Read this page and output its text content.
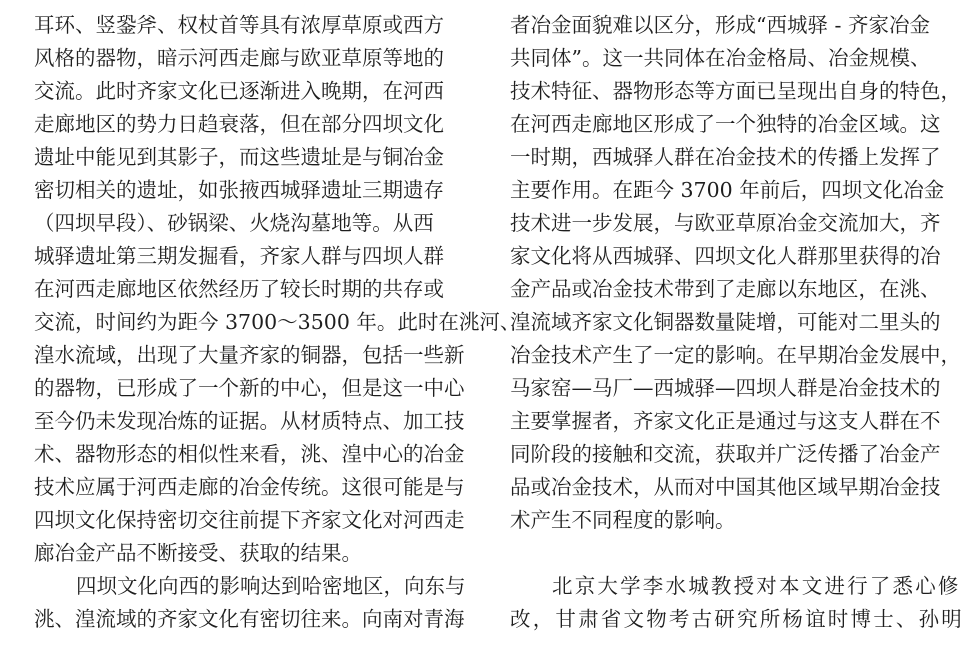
耳环、竖銎斧、权杖首等具有浓厚草原或西方
风格的器物，暗示河西走廊与欧亚草原等地的
交流。此时齐家文化已逐渐进入晚期，在河西
走廊地区的势力日趋衰落，但在部分四坝文化
遗址中能见到其影子，而这些遗址是与铜冶金
密切相关的遗址，如张掖西城驿遗址三期遗存
（四坝早段）、砂锅梁、火烧沟墓地等。从西
城驿遗址第三期发掘看，齐家人群与四坝人群
在河西走廊地区依然经历了较长时期的共存或
交流，时间约为距今 3700～3500 年。此时在洮河、
湟水流域，出现了大量齐家的铜器，包括一些新
的器物，已形成了一个新的中心，但是这一中心
至今仍未发现冶炼的证据。从材质特点、加工技
术、器物形态的相似性来看，洮、湟中心的冶金
技术应属于河西走廊的冶金传统。这很可能是与
四坝文化保持密切交往前提下齐家文化对河西走
廊冶金产品不断接受、获取的结果。
四坝文化向西的影响达到哈密地区，向东与
洮、湟流域的齐家文化有密切往来。向南对青海
者冶金面貌难以区分，形成“西城驿 - 齐家冶金
共同体”。这一共同体在冶金格局、冶金规模、
技术特征、器物形态等方面已呈现出自身的特色，
在河西走廊地区形成了一个独特的冶金区域。这
一时期，西城驿人群在冶金技术的传播上发挥了
主要作用。在距今 3700 年前后，四坝文化冶金
技术进一步发展，与欧亚草原冶金交流加大，齐
家文化将从西城驿、四坝文化人群那里获得的冶
金产品或冶金技术带到了走廊以东地区，在洮、
湟流域齐家文化铜器数量陡增，可能对二里头的
冶金技术产生了一定的影响。在早期冶金发展中，
马家窑—马厂—西城驿—四坝人群是冶金技术的
主要掌握者，齐家文化正是通过与这支人群在不
同阶段的接触和交流，获取并广泛传播了冶金产
品或冶金技术，从而对中国其他区域早期冶金技
术产生不同程度的影响。
北京大学李水城教授对本文进行了悉心修
改，甘肃省文物考古研究所杨谊时博士、孙明
